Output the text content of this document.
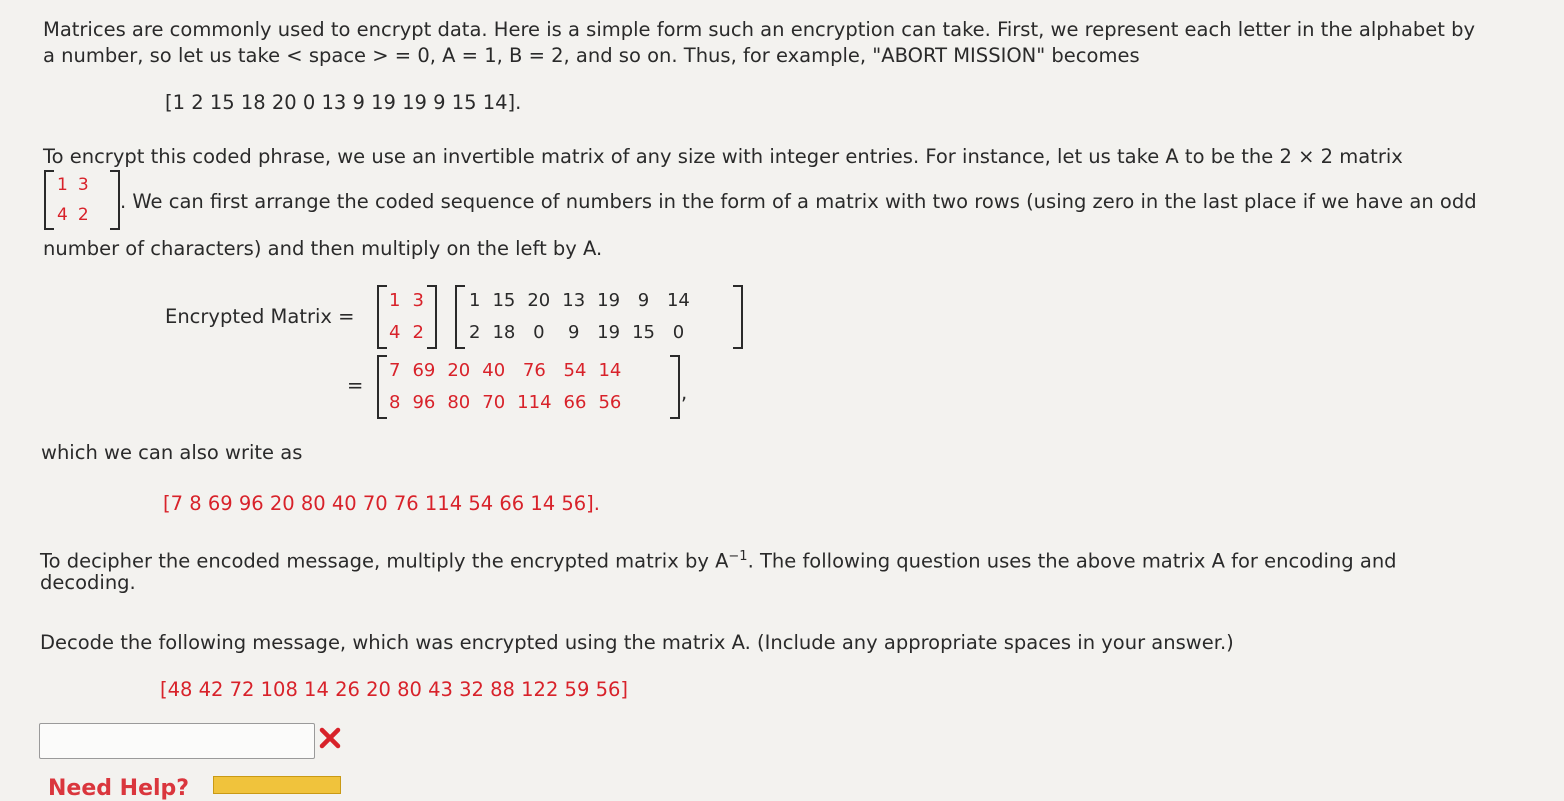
Matrices are commonly used to encrypt data. Here is a simple form such an encryption can take. First, we represent each letter in the alphabet by
a number, so let us take < space > = 0, A = 1, B = 2, and so on. Thus, for example, "ABORT MISSION" becomes
[1 2 15 18 20 0 13 9 19 19 9 15 14].
To encrypt this coded phrase, we use an invertible matrix of any size with integer entries. For instance, let us take A to be the 2 × 2 matrix
1	3
4	2
. We can first arrange the coded sequence of numbers in the form of a matrix with two rows (using zero in the last place if we have an odd
number of characters) and then multiply on the left by A.
Encrypted Matrix =
1	3
4	2
1	15	20	13	19	9	14
2	18	0	9	19	15	0
=
7	69	20	40	76	54	14
8	96	80	70	114	66	56	,
which we can also write as
[7 8 69 96 20 80 40 70 76 114 54 66 14 56].
To decipher the encoded message, multiply the encrypted matrix by $A^{-1}$. The following question uses the above matrix A for encoding and
decoding.
Decode the following message, which was encrypted using the matrix A. (Include any appropriate spaces in your answer.)
[48 42 72 108 14 26 20 80 43 32 88 122 59 56]
Need Help?
